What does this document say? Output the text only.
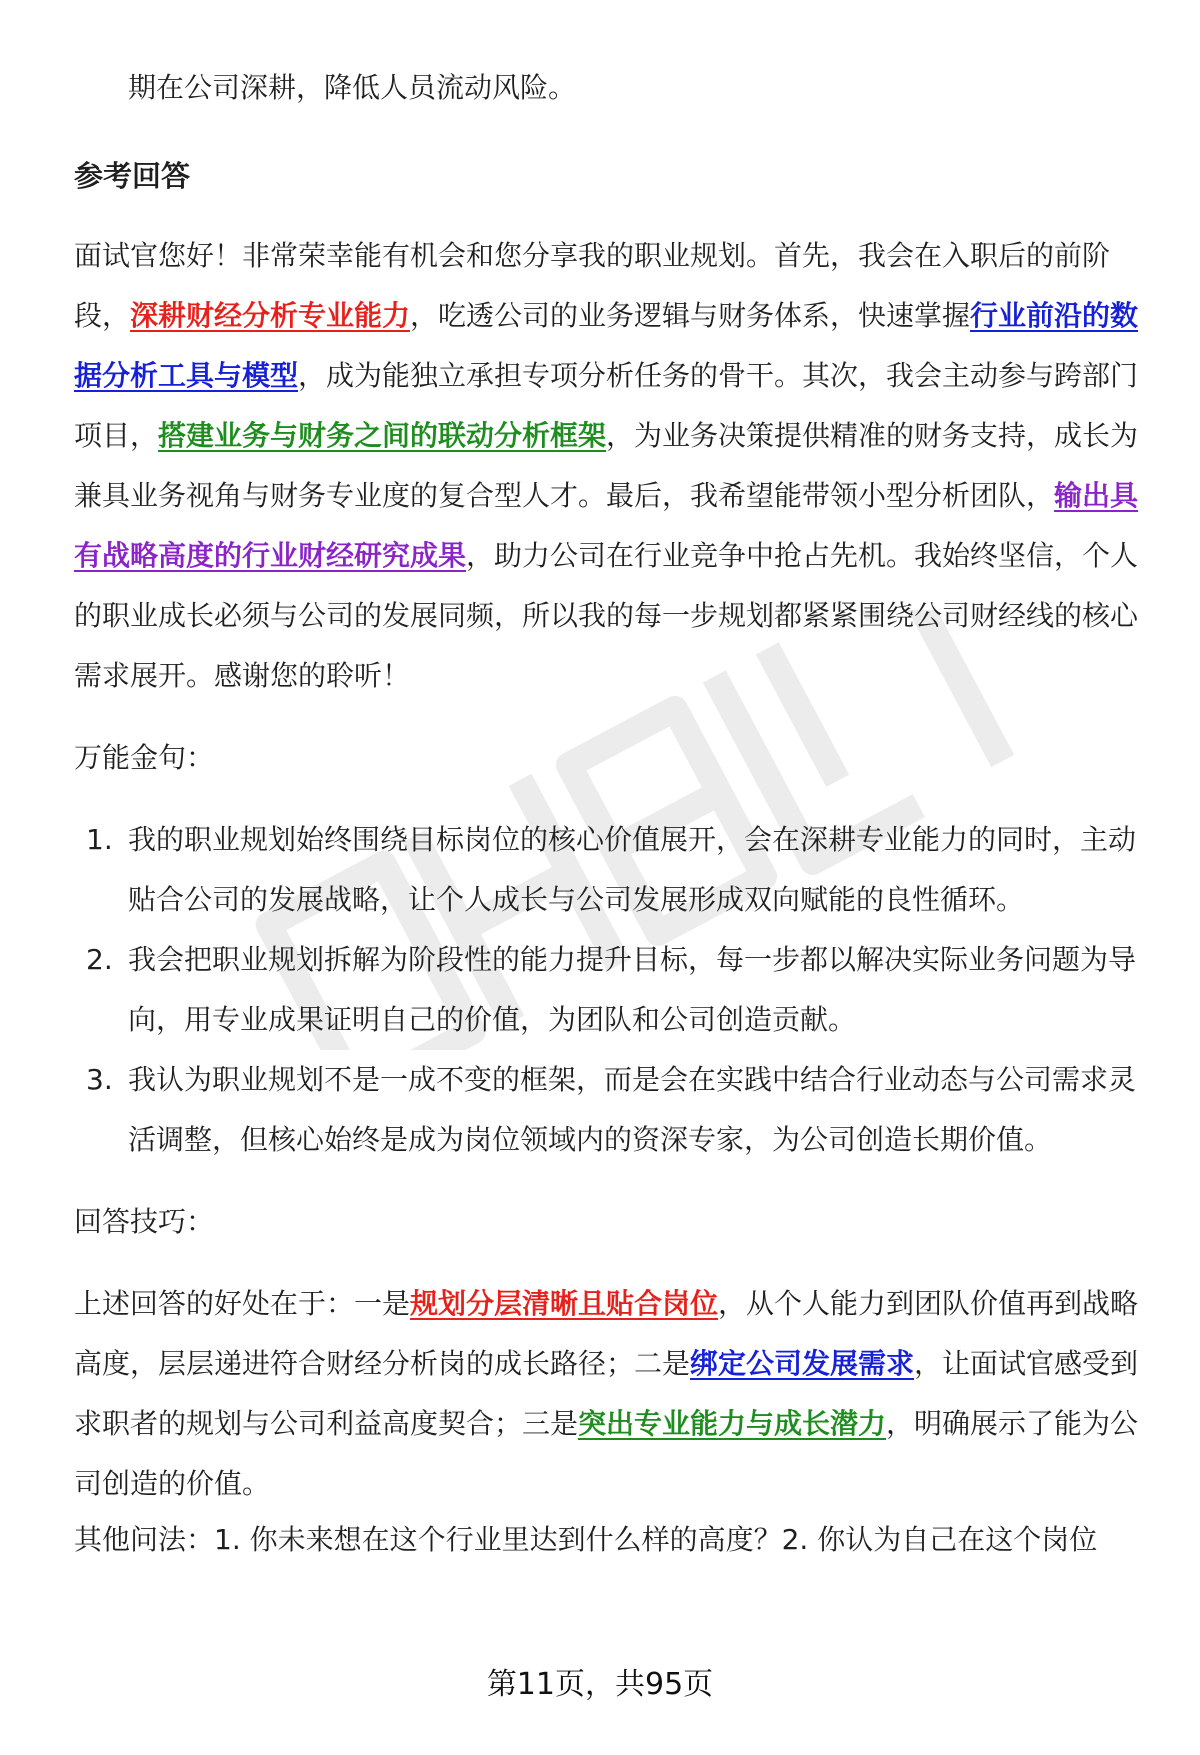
期在公司深耕，降低人员流动风险。

参考回答

面试官您好！非常荣幸能有机会和您分享我的职业规划。首先，我会在入职后的前阶段，深耕财经分析专业能力，吃透公司的业务逻辑与财务体系，快速掌握行业前沿的数据分析工具与模型，成为能独立承担专项分析任务的骨干。其次，我会主动参与跨部门项目，搭建业务与财务之间的联动分析框架，为业务决策提供精准的财务支持，成长为兼具业务视角与财务专业度的复合型人才。最后，我希望能带领小型分析团队，输出具有战略高度的行业财经研究成果，助力公司在行业竞争中抢占先机。我始终坚信，个人的职业成长必须与公司的发展同频，所以我的每一步规划都紧紧围绕公司财经线的核心需求展开。感谢您的聆听！

万能金句：

1. 我的职业规划始终围绕目标岗位的核心价值展开，会在深耕专业能力的同时，主动贴合公司的发展战略，让个人成长与公司发展形成双向赋能的良性循环。
2. 我会把职业规划拆解为阶段性的能力提升目标，每一步都以解决实际业务问题为导向，用专业成果证明自己的价值，为团队和公司创造贡献。
3. 我认为职业规划不是一成不变的框架，而是会在实践中结合行业动态与公司需求灵活调整，但核心始终是成为岗位领域内的资深专家，为公司创造长期价值。

回答技巧：

上述回答的好处在于：一是规划分层清晰且贴合岗位，从个人能力到团队价值再到战略高度，层层递进符合财经分析岗的成长路径；二是绑定公司发展需求，让面试官感受到求职者的规划与公司利益高度契合；三是突出专业能力与成长潜力，明确展示了能为公司创造的价值。

其他问法：1. 你未来想在这个行业里达到什么样的高度？2. 你认为自己在这个岗位

第11页，共95页
